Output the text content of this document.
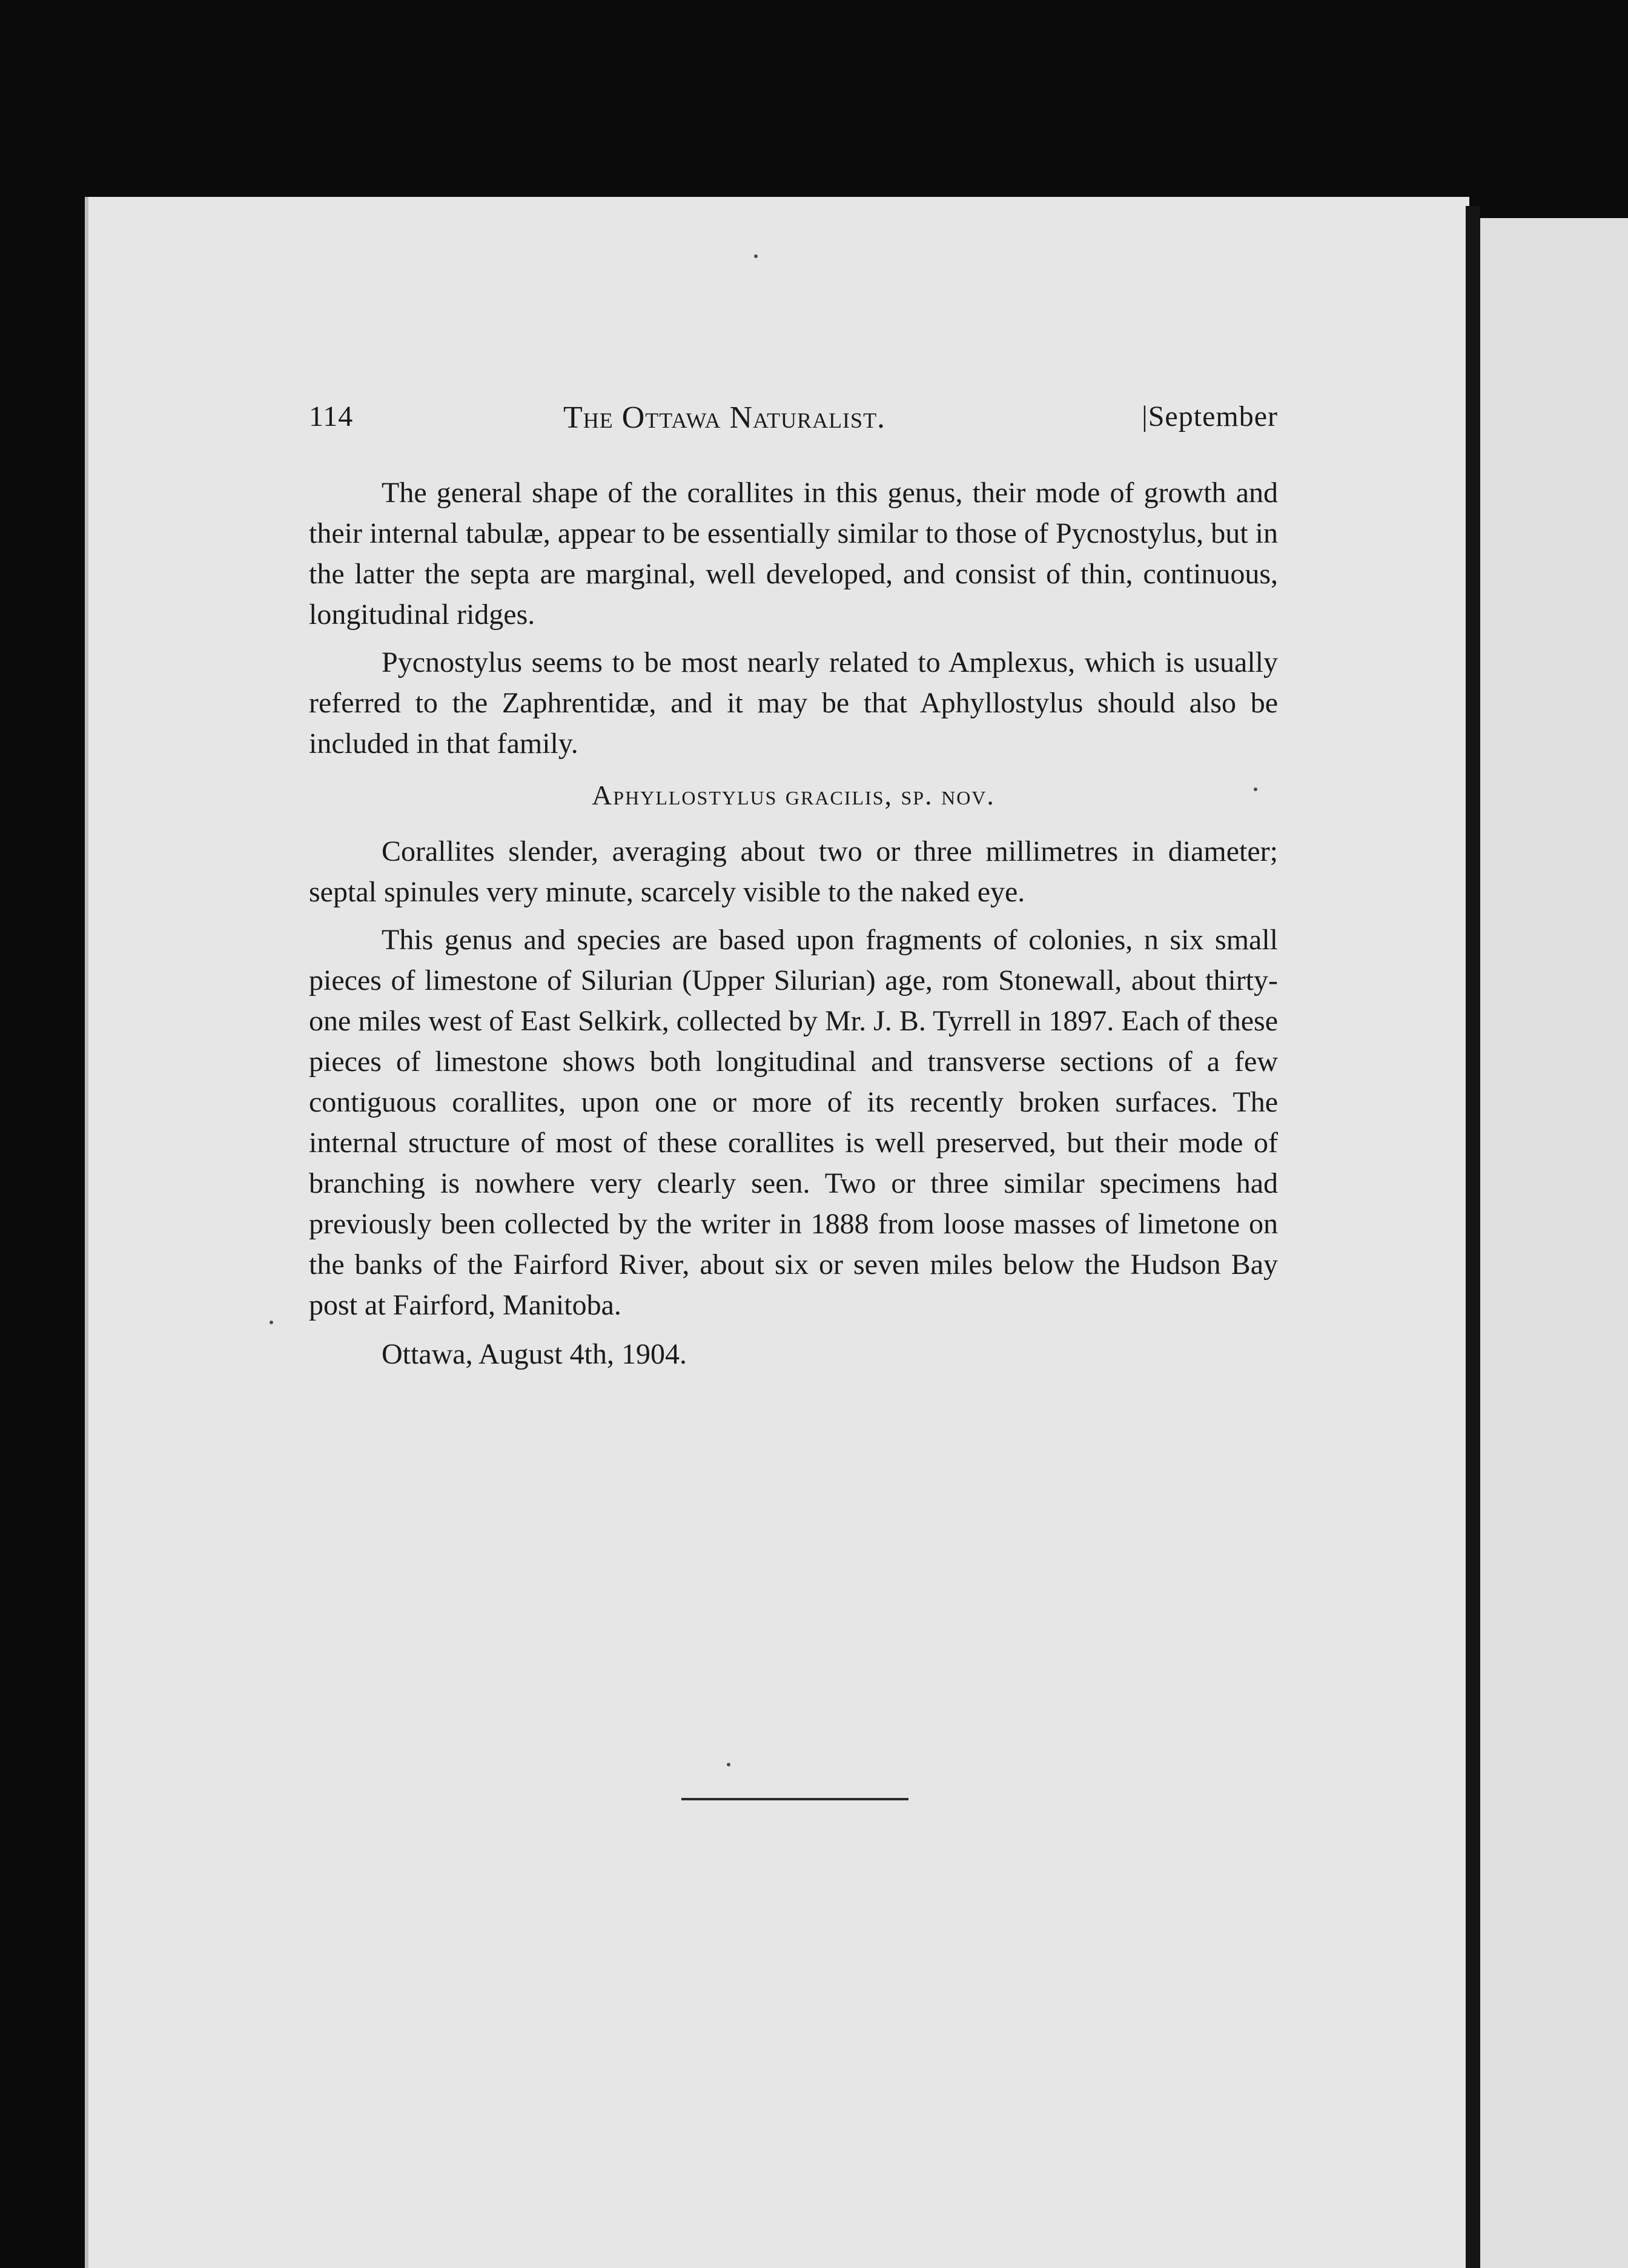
114	The Ottawa Naturalist.	|September

The general shape of the corallites in this genus, their mode of growth and their internal tabulæ, appear to be essentially similar to those of Pycnostylus, but in the latter the septa are marginal, well developed, and consist of thin, continuous, longitudinal ridges.

Pycnostylus seems to be most nearly related to Amplexus, which is usually referred to the Zaphrentidæ, and it may be that Aphyllostylus should also be included in that family.

Aphyllostylus gracilis, sp. nov.

Corallites slender, averaging about two or three millimetres in diameter; septal spinules very minute, scarcely visible to the naked eye.

This genus and species are based upon fragments of colonies, n six small pieces of limestone of Silurian (Upper Silurian) age, rom Stonewall, about thirty-one miles west of East Selkirk, collected by Mr. J. B. Tyrrell in 1897. Each of these pieces of limestone shows both longitudinal and transverse sections of a few contiguous corallites, upon one or more of its recently broken surfaces. The internal structure of most of these corallites is well preserved, but their mode of branching is nowhere very clearly seen. Two or three similar specimens had previously been collected by the writer in 1888 from loose masses of limetone on the banks of the Fairford River, about six or seven miles below the Hudson Bay post at Fairford, Manitoba.

Ottawa, August 4th, 1904.
